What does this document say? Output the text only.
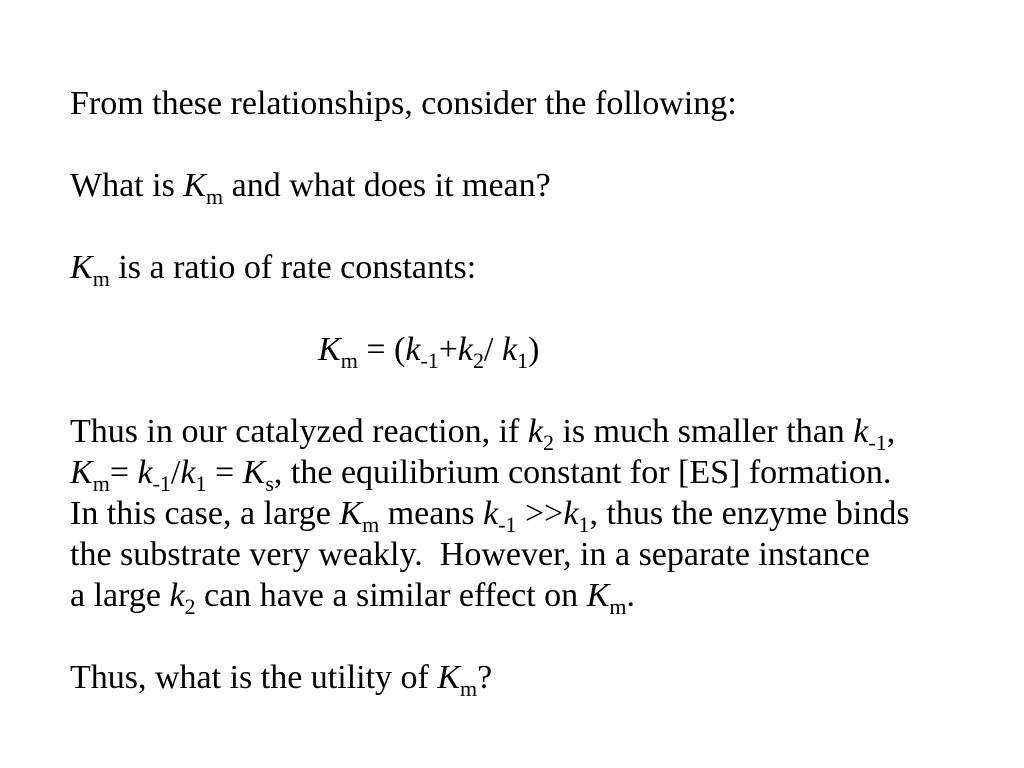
From these relationships, consider the following:
What is $K_m$ and what does it mean?
$K_m$ is a ratio of rate constants:
$K_m = (k_{-1}+k_2/$ $k_1$)
Thus in our catalyzed reaction, if $k_2$ is much smaller than $k_{-1}$,
$K_m= k_{-1}/k_1 = K_s$, the equilibrium constant for [ES] formation.
In this case, a large $K_m$ means $k_{-1} >>k_1$, thus the enzyme binds
the substrate very weakly.  However, in a separate instance
a large $k_2$ can have a similar effect on $K_m$.
Thus, what is the utility of $K_m$?
